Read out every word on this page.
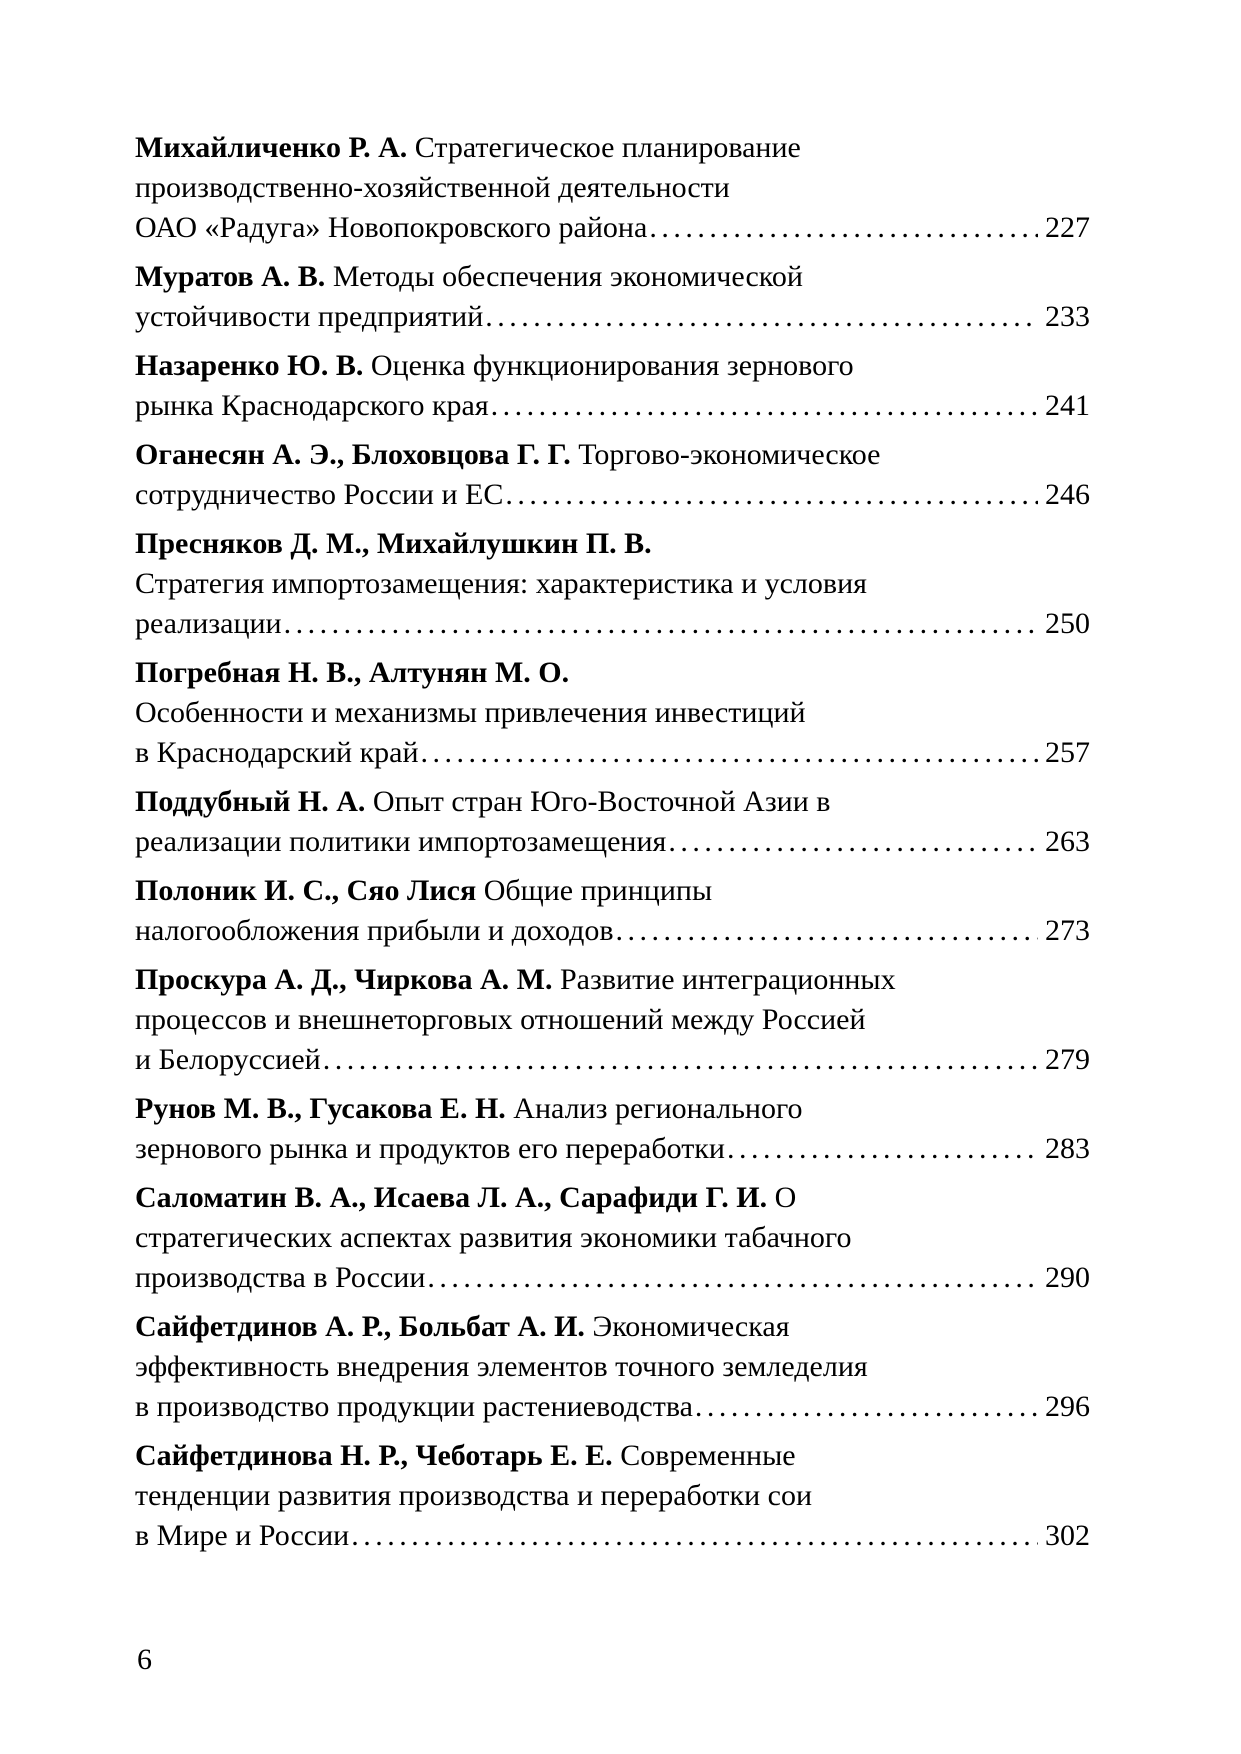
Михайличенко Р. А. Стратегическое планирование
производственно-хозяйственной деятельности
ОАО «Радуга» Новопокровского района .....	227
Муратов А. В. Методы обеспечения экономической
устойчивости предприятий .....	233
Назаренко Ю. В. Оценка функционирования зернового
рынка Краснодарского края .....	241
Оганесян А. Э., Блоховцова Г. Г. Торгово-экономическое
сотрудничество России и ЕС .....	246
Пресняков Д. М., Михайлушкин П. В.
Стратегия импортозамещения: характеристика и условия
реализации .....	250
Погребная Н. В., Алтунян М. О.
Особенности и механизмы привлечения инвестиций
в Краснодарский край .....	257
Поддубный Н. А. Опыт стран Юго-Восточной Азии в
реализации политики импортозамещения .....	263
Полоник И. С., Сяо Лися Общие принципы
налогообложения прибыли и доходов .....	273
Проскура А. Д., Чиркова А. М. Развитие интеграционных
процессов и внешнеторговых отношений между Россией
и Белоруссией .....	279
Рунов М. В., Гусакова Е. Н. Анализ регионального
зернового рынка и продуктов его переработки .....	283
Саломатин В. А., Исаева Л. А., Сарафиди Г. И. О
стратегических аспектах развития экономики табачного
производства в России .....	290
Сайфетдинов А. Р., Больбат А. И. Экономическая
эффективность внедрения элементов точного земледелия
в производство продукции растениеводства .....	296
Сайфетдинова Н. Р., Чеботарь Е. Е. Современные
тенденции развития производства и переработки сои
в Мире и России .....	302
6
